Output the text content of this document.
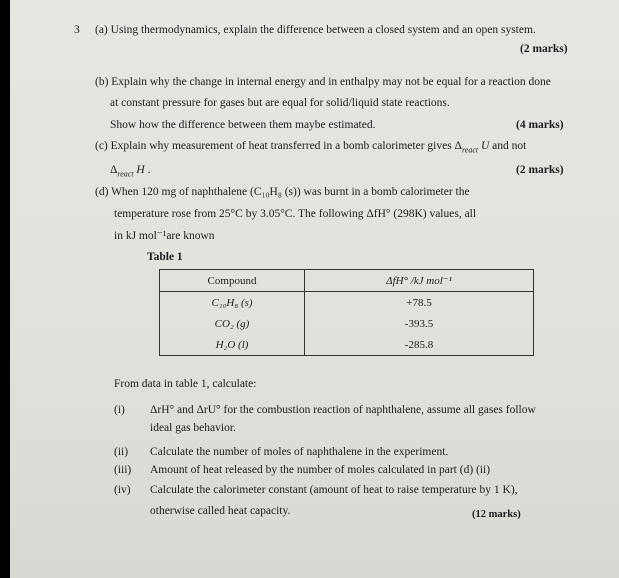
3 (a) Using thermodynamics, explain the difference between a closed system and an open system.
(2 marks)
(b) Explain why the change in internal energy and in enthalpy may not be equal for a reaction done
at constant pressure for gases but are equal for solid/liquid state reactions.
Show how the difference between them maybe estimated.	(4 marks)
(c) Explain why measurement of heat transferred in a bomb calorimeter gives $\Delta_{react}$ U and not
$\Delta_{react}$ H .	(2 marks)
(d) When 120 mg of naphthalene (C₁₀H₈ (s)) was burnt in a bomb calorimeter the
temperature rose from 25°C by 3.05°C. The following ΔfH° (298K) values, all
in kJ mol⁻¹are known
Table 1
Compound	ΔfH° /kJ mol⁻¹
C₁₀H₈ (s)	+78.5
CO₂ (g)	-393.5
H₂O (l)	-285.8
From data in table 1, calculate:
(i) ΔrH° and ΔrU° for the combustion reaction of naphthalene, assume all gases follow
ideal gas behavior.
(ii) Calculate the number of moles of naphthalene in the experiment.
(iii) Amount of heat released by the number of moles calculated in part (d) (ii)
(iv) Calculate the calorimeter constant (amount of heat to raise temperature by 1 K),
otherwise called heat capacity.	(12 marks)
